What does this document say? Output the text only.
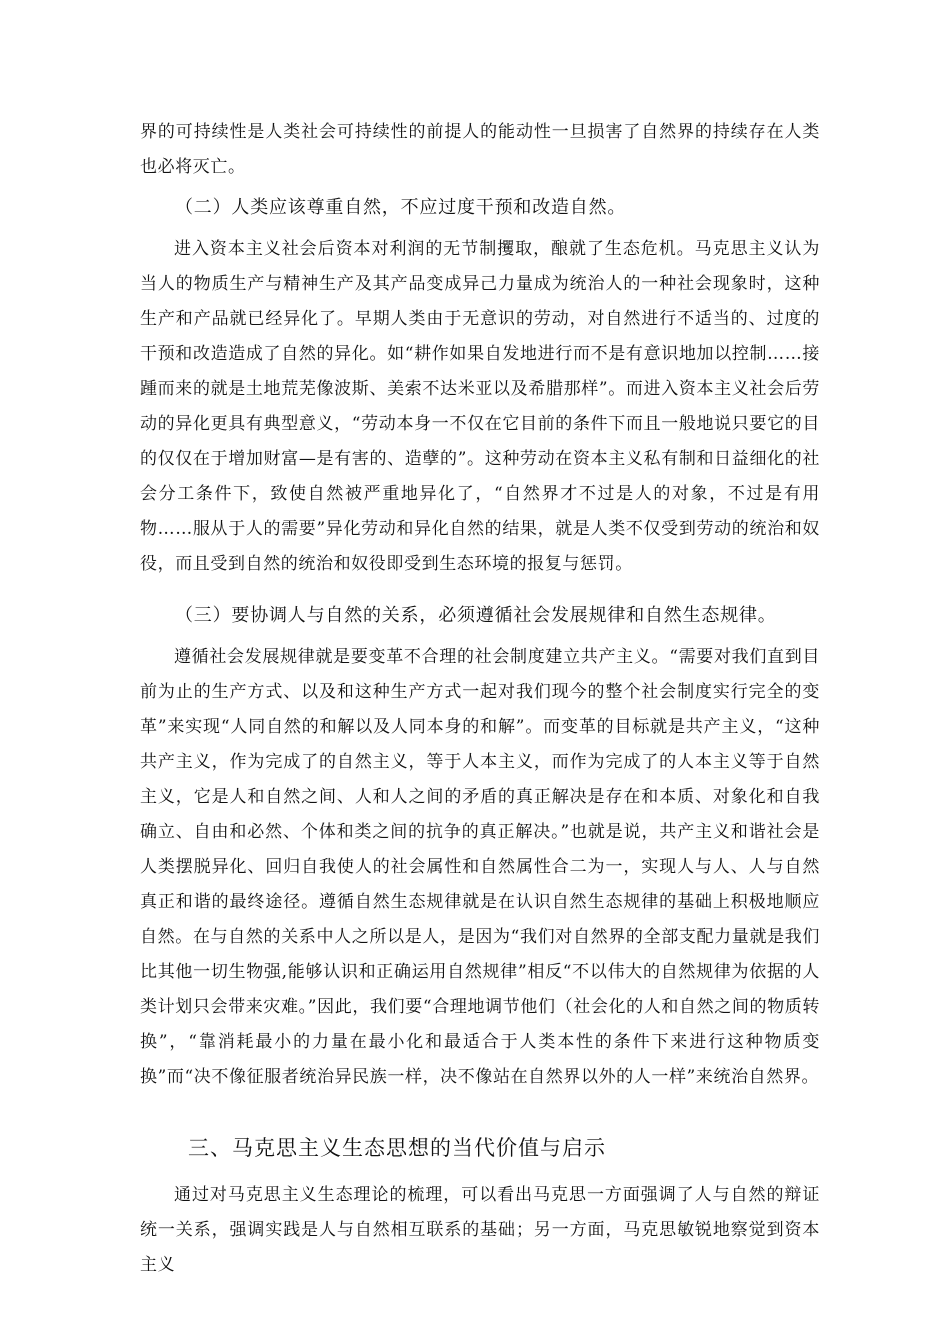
界的可持续性是人类社会可持续性的前提人的能动性一旦损害了自然界的持续存在人类也必将灭亡。

（二）人类应该尊重自然，不应过度干预和改造自然。

进入资本主义社会后资本对利润的无节制攫取，酿就了生态危机。马克思主义认为当人的物质生产与精神生产及其产品变成异己力量成为统治人的一种社会现象时，这种生产和产品就已经异化了。早期人类由于无意识的劳动，对自然进行不适当的、过度的干预和改造造成了自然的异化。如“耕作如果自发地进行而不是有意识地加以控制……接踵而来的就是土地荒芜像波斯、美索不达米亚以及希腊那样”。而进入资本主义社会后劳动的异化更具有典型意义，“劳动本身一不仅在它目前的条件下而且一般地说只要它的目的仅仅在于增加财富—是有害的、造孽的”。这种劳动在资本主义私有制和日益细化的社会分工条件下，致使自然被严重地异化了，“自然界才不过是人的对象，不过是有用物……服从于人的需要”异化劳动和异化自然的结果，就是人类不仅受到劳动的统治和奴役，而且受到自然的统治和奴役即受到生态环境的报复与惩罚。

（三）要协调人与自然的关系，必须遵循社会发展规律和自然生态规律。

遵循社会发展规律就是要变革不合理的社会制度建立共产主义。“需要对我们直到目前为止的生产方式、以及和这种生产方式一起对我们现今的整个社会制度实行完全的变革”来实现“人同自然的和解以及人同本身的和解”。而变革的目标就是共产主义，“这种共产主义，作为完成了的自然主义，等于人本主义，而作为完成了的人本主义等于自然主义，它是人和自然之间、人和人之间的矛盾的真正解决是存在和本质、对象化和自我确立、自由和必然、个体和类之间的抗争的真正解决。”也就是说，共产主义和谐社会是人类摆脱异化、回归自我使人的社会属性和自然属性合二为一，实现人与人、人与自然真正和谐的最终途径。遵循自然生态规律就是在认识自然生态规律的基础上积极地顺应自然。在与自然的关系中人之所以是人，是因为“我们对自然界的全部支配力量就是我们比其他一切生物强,能够认识和正确运用自然规律”相反“不以伟大的自然规律为依据的人类计划只会带来灾难。”因此，我们要“合理地调节他们（社会化的人和自然之间的物质转换”，“靠消耗最小的力量在最小化和最适合于人类本性的条件下来进行这种物质变换”而“决不像征服者统治异民族一样，决不像站在自然界以外的人一样”来统治自然界。

三、马克思主义生态思想的当代价值与启示

通过对马克思主义生态理论的梳理，可以看出马克思一方面强调了人与自然的辩证统一关系，强调实践是人与自然相互联系的基础；另一方面，马克思敏锐地察觉到资本主义
